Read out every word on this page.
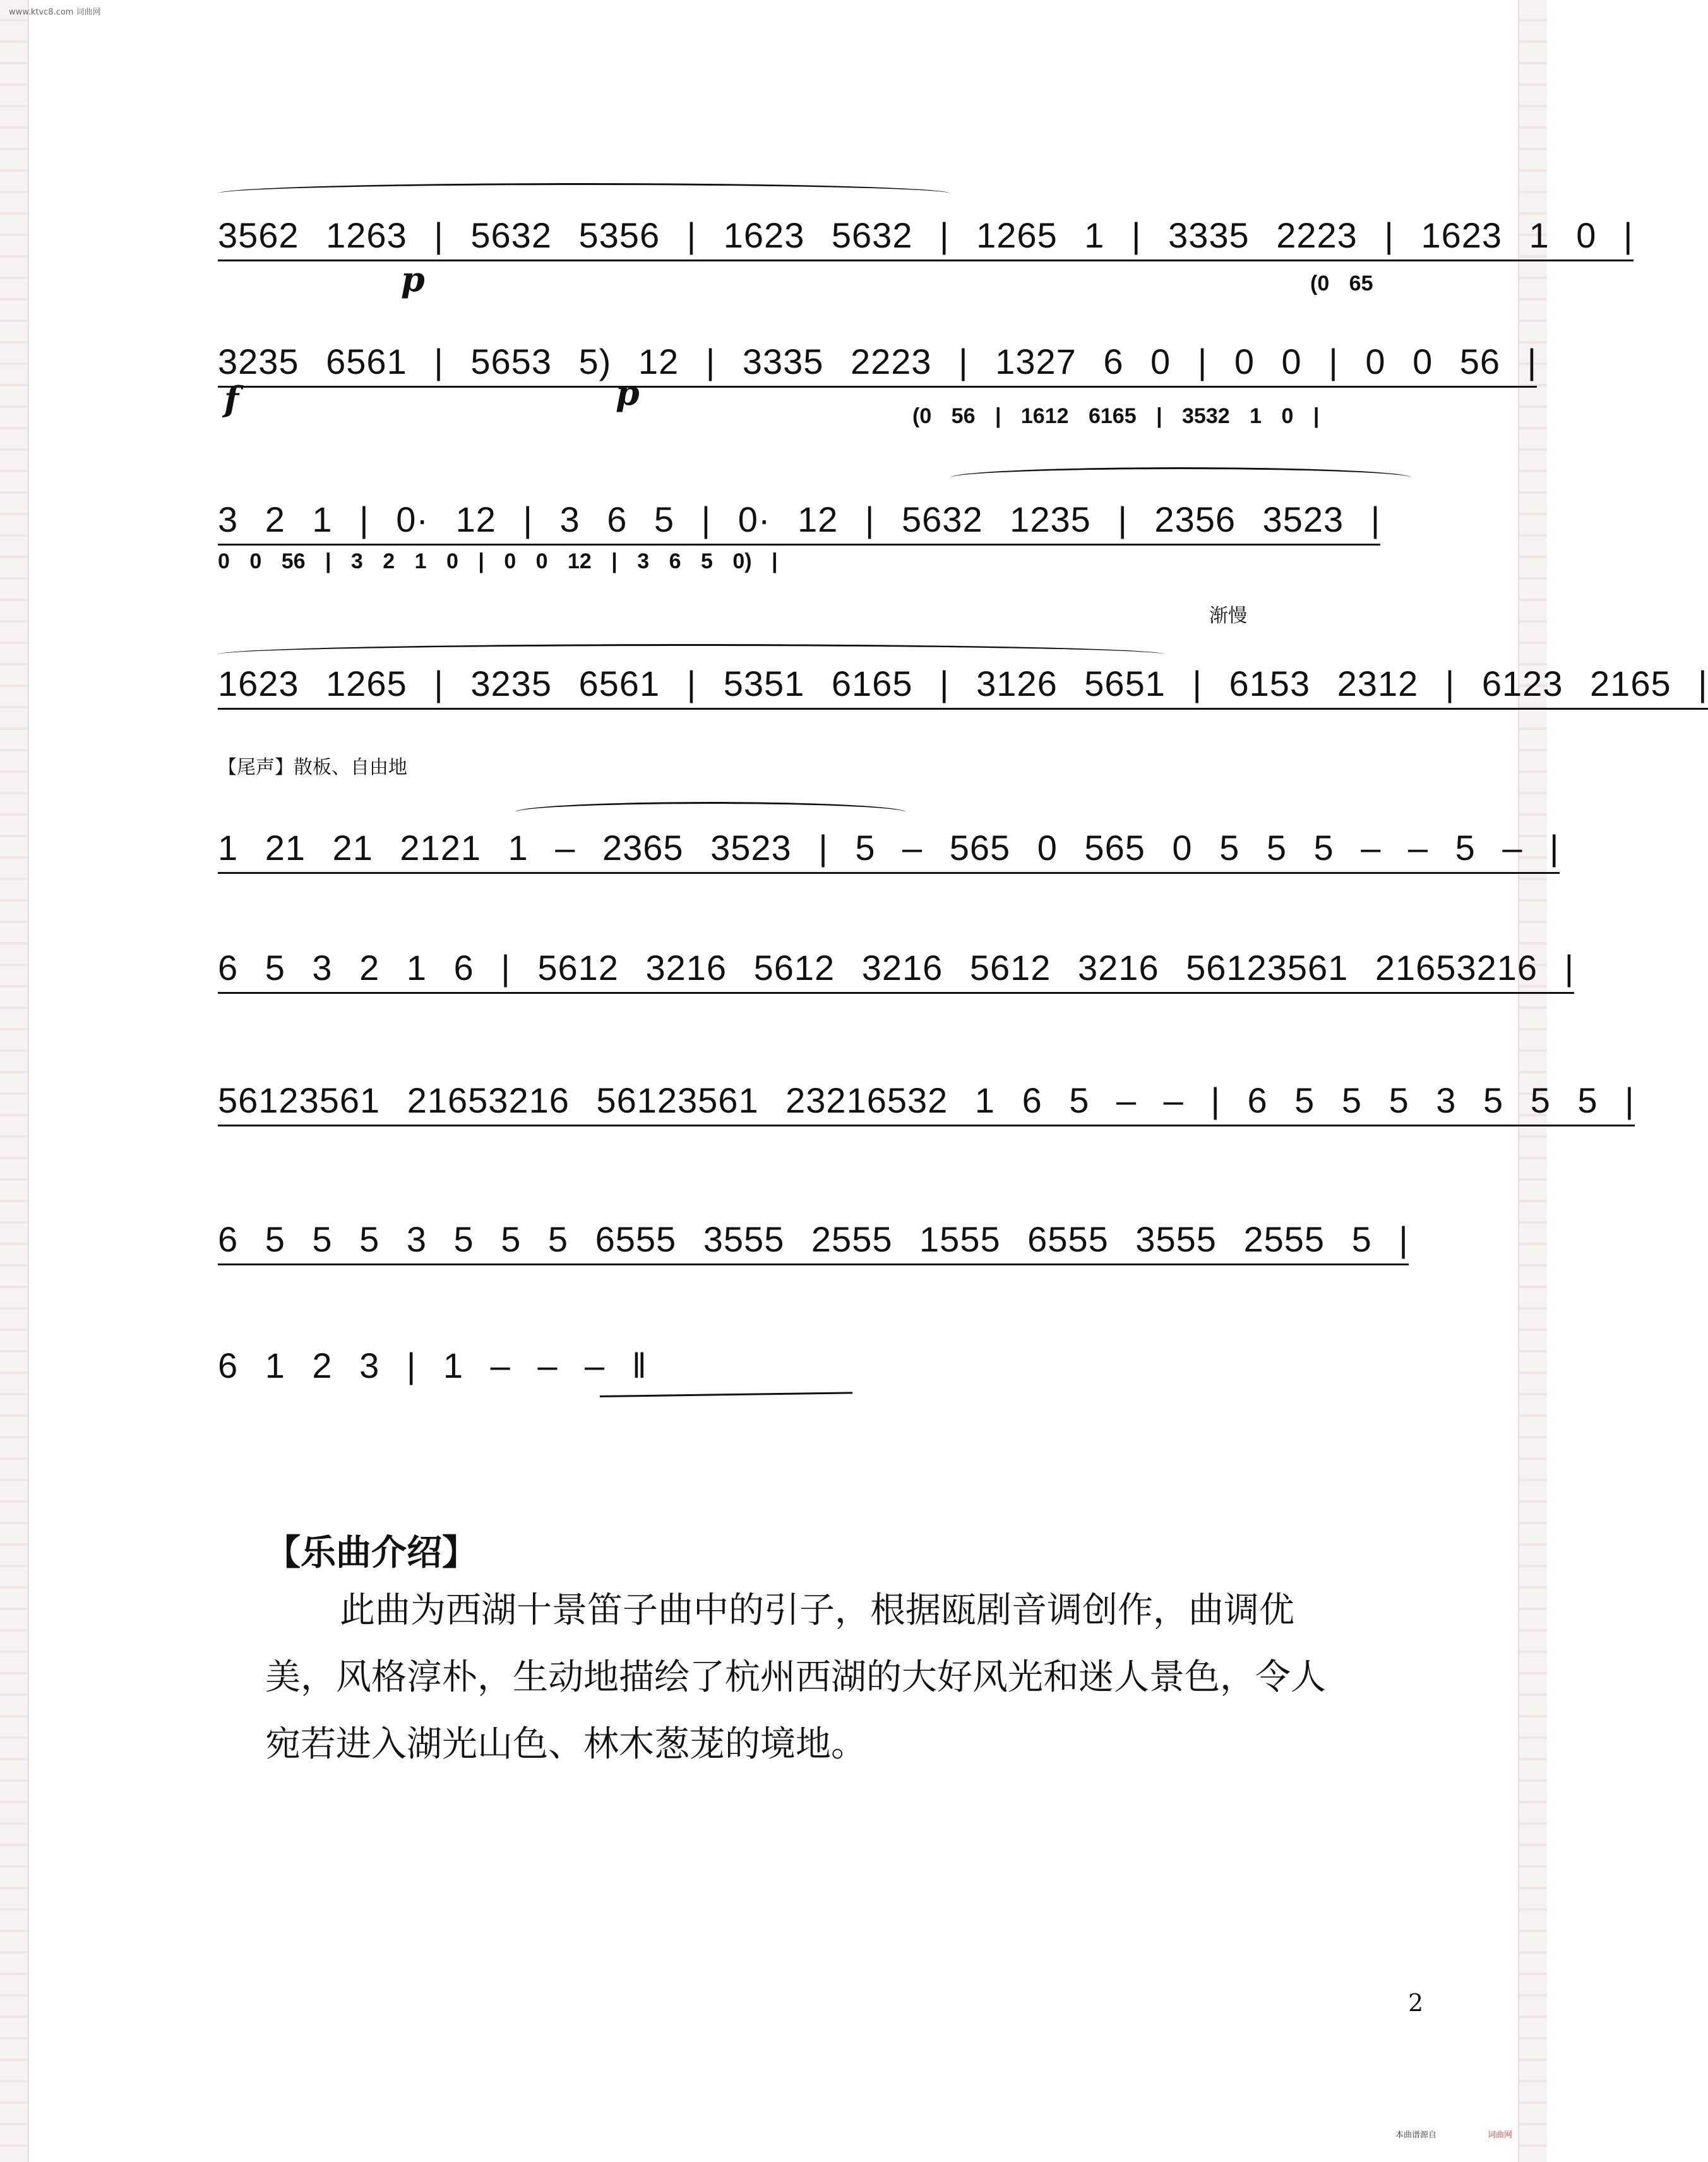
www.ktvc8.com 词曲网
3562 1263 | 5632 5356 | 1623 5632 | 1265 1 | 3335 2223 | 1623 1 0 |
(0 65
p
3235 6561 | 5653 5) 12 | 3335 2223 | 1327 6 0 | 0 0 | 0 0 56 |
(0 56 | 1612 6165 | 3532 1 0 |
f	p
3 2 1 | 0· 12 | 3 6 5 | 0· 12 | 5632 1235 | 2356 3523 |
0 0 56 | 3 2 1 0 | 0 0 12 | 3 6 5 0) |
渐慢
1623 1265 | 3235 6561 | 5351 6165 | 3126 5651 | 6153 2312 | 6123 2165 |
【尾声】散板、自由地
1 21 21 2121 1 – 2365 3523 | 5 – 565 0 565 0 5 5 5 – – 5 – |
6 5 3 2 1 6 | 5612 3216 5612 3216 5612 3216 56123561 21653216 |
56123561 21653216 56123561 23216532 1 6 5 – – | 6 5 5 5 3 5 5 5 |
6 5 5 5 3 5 5 5 6555 3555 2555 1555 6555 3555 2555 5 |
6 1 2 3 | 1 – – – ‖
【乐曲介绍】
此曲为西湖十景笛子曲中的引子，根据瓯剧音调创作，曲调优美，风格淳朴，生动地描绘了杭州西湖的大好风光和迷人景色，令人宛若进入湖光山色、林木葱茏的境地。
2
本曲谱源自	词曲网
